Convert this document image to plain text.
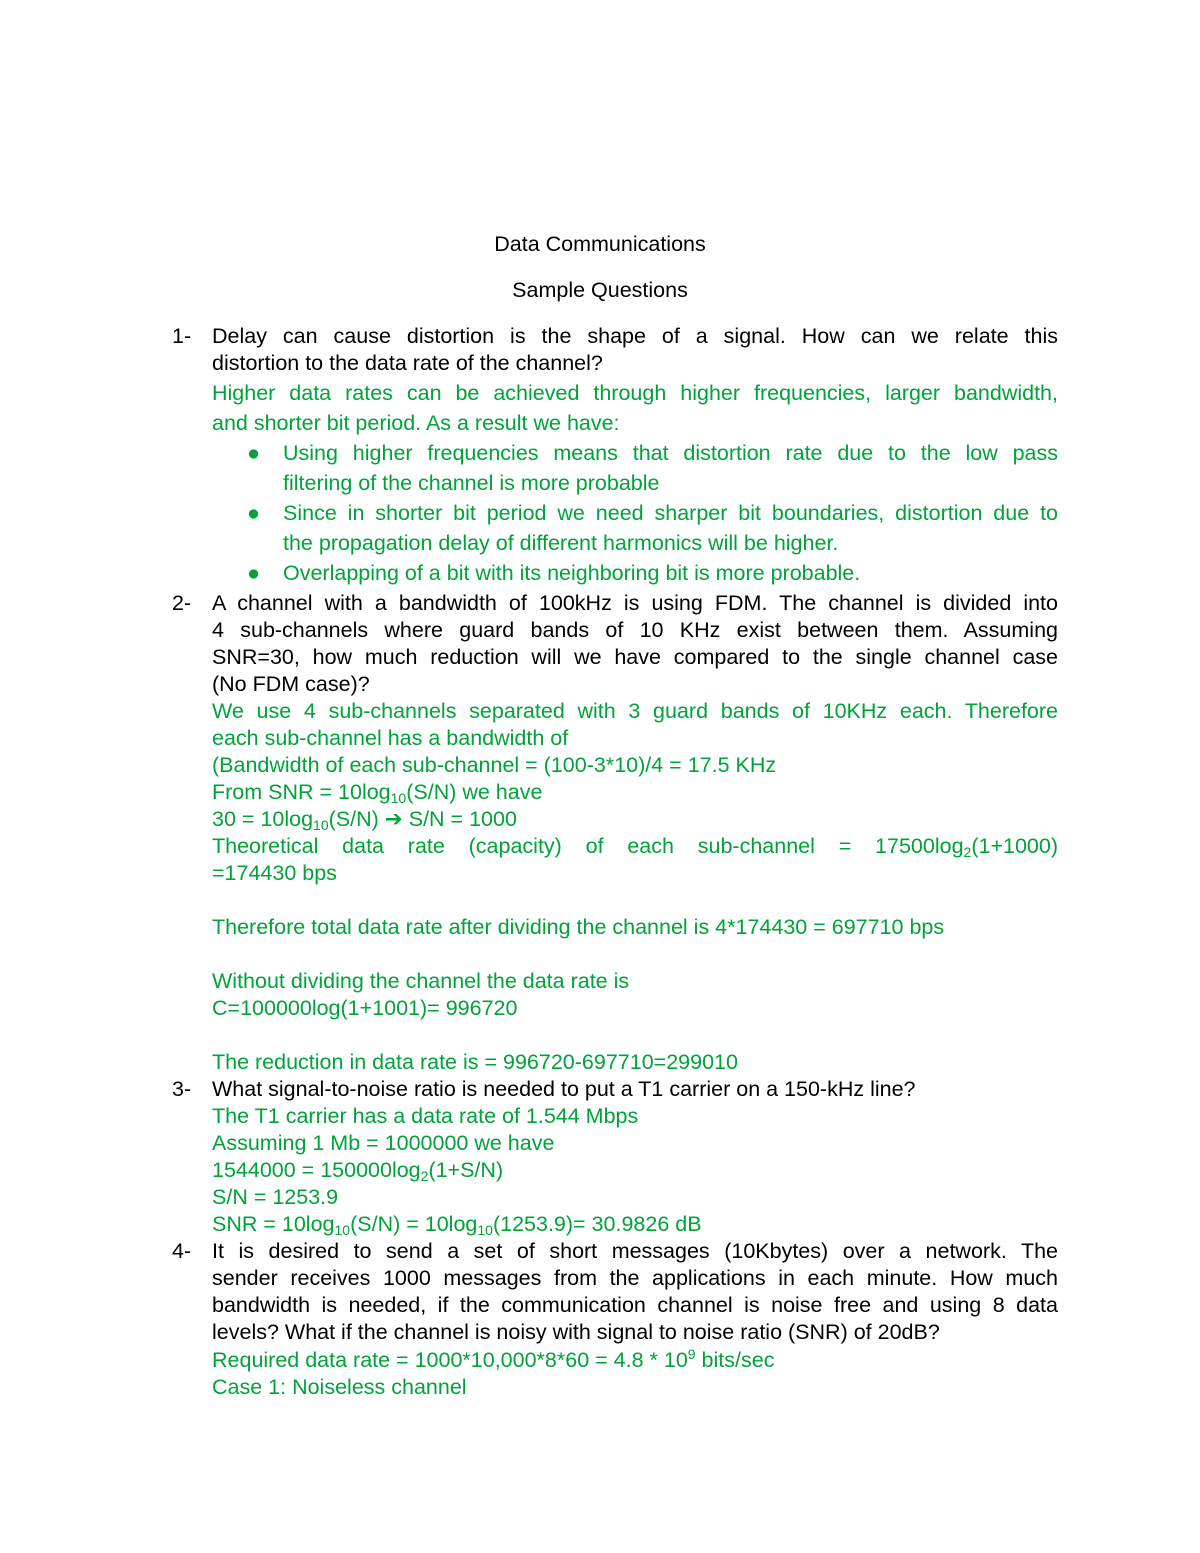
Data Communications
Sample Questions
1- Delay can cause distortion is the shape of a signal. How can we relate this
distortion to the data rate of the channel?
Higher data rates can be achieved through higher frequencies, larger bandwidth,
and shorter bit period. As a result we have:
● Using higher frequencies means that distortion rate due to the low pass
filtering of the channel is more probable
● Since in shorter bit period we need sharper bit boundaries, distortion due to
the propagation delay of different harmonics will be higher.
● Overlapping of a bit with its neighboring bit is more probable.
2- A channel with a bandwidth of 100kHz is using FDM. The channel is divided into
4 sub-channels where guard bands of 10 KHz exist between them. Assuming
SNR=30, how much reduction will we have compared to the single channel case
(No FDM case)?
We use 4 sub-channels separated with 3 guard bands of 10KHz each. Therefore
each sub-channel has a bandwidth of
(Bandwidth of each sub-channel = (100-3*10)/4 = 17.5 KHz
From SNR = $10\log_{10}(S/N)$ we have
$30 = 10\log_{10}(S/N)$ ➔ S/N = 1000
Theoretical data rate (capacity) of each sub-channel = $17500\log_2(1+1000)$
=174430 bps
Therefore total data rate after dividing the channel is 4*174430 = 697710 bps
Without dividing the channel the data rate is
C=100000log(1+1001)= 996720
The reduction in data rate is = 996720-697710=299010
3- What signal-to-noise ratio is needed to put a T1 carrier on a 150-kHz line?
The T1 carrier has a data rate of 1.544 Mbps
Assuming 1 Mb = 1000000 we have
$1544000 = 150000\log_2(1+S/N)$
S/N = 1253.9
SNR = $10\log_{10}(S/N) = 10\log_{10}(1253.9)= 30.9826$ dB
4- It is desired to send a set of short messages (10Kbytes) over a network. The
sender receives 1000 messages from the applications in each minute. How much
bandwidth is needed, if the communication channel is noise free and using 8 data
levels? What if the channel is noisy with signal to noise ratio (SNR) of 20dB?
Required data rate = $1000*10,000*8*60 = 4.8 * 10^9$ bits/sec
Case 1: Noiseless channel
